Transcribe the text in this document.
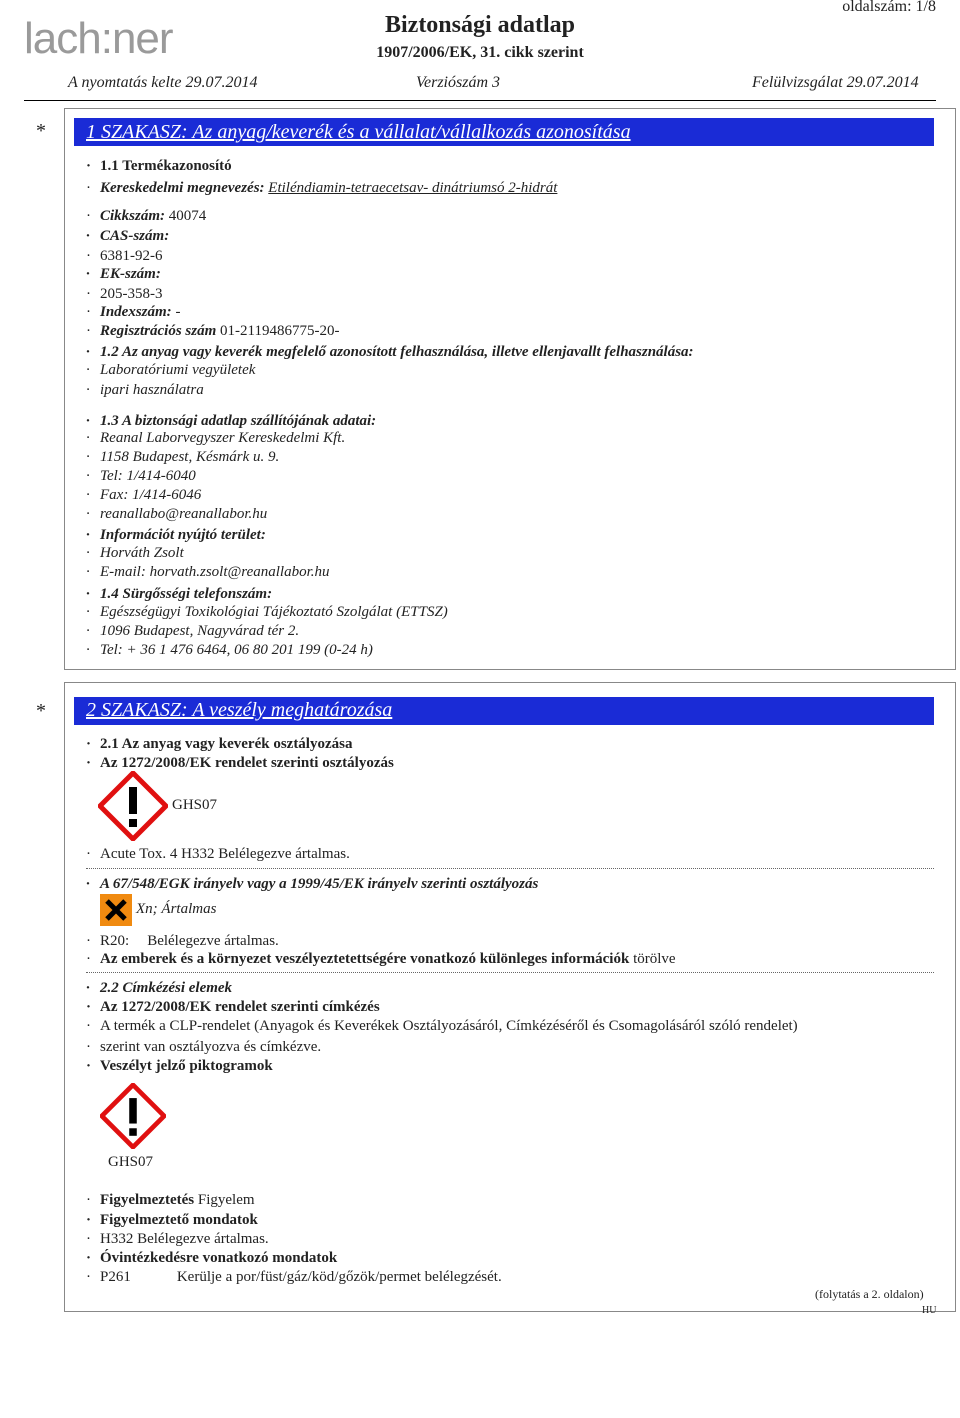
lach:ner	Biztonsági adatlap
1907/2006/EK, 31. cikk szerint
oldalszám: 1/8
A nyomtatás kelte 29.07.2014	Verziószám 3	Felülvizsgálat 29.07.2014
* 1 SZAKASZ: Az anyag/keverék és a vállalat/vállalkozás azonosítása
1.1 Termékazonosító
·
Kereskedelmi megnevezés: Etiléndiamin-tetraecetsav- dinátriumsó 2-hidrát
·
Cikkszám: 40074
·
CAS-szám:
·
6381-92-6
·
EK-szám:
·
205-358-3
·
Indexszám: -
·
Regisztrációs szám 01-2119486775-20-
·
1.2 Az anyag vagy keverék megfelelő azonosított felhasználása, illetve ellenjavallt felhasználása:
·
Laboratóriumi vegyületek
·
ipari használatra
·
1.3 A biztonsági adatlap szállítójának adatai:
·
Reanal Laborvegyszer Kereskedelmi Kft.
·
1158 Budapest, Késmárk u. 9.
·
Tel: 1/414-6040
·
Fax: 1/414-6046
·
reanallabo@reanallabor.hu
·
Információt nyújtó terület:
·
Horváth Zsolt
·
E-mail: horvath.zsolt@reanallabor.hu
·
1.4 Sürgősségi telefonszám:
·
Egészségügyi Toxikológiai Tájékoztató Szolgálat (ETTSZ)
·
1096 Budapest, Nagyvárad tér 2.
·
Tel: + 36 1 476 6464, 06 80 201 199 (0-24 h)
·
* 2 SZAKASZ: A veszély meghatározása
2.1 Az anyag vagy keverék osztályozása
·
Az 1272/2008/EK rendelet szerinti osztályozás
·
GHS07
Acute Tox. 4 H332 Belélegezve ártalmas.
·
A 67/548/EGK irányelv vagy a 1999/45/EK irányelv szerinti osztályozás
·
Xn; Ártalmas
R20: Belélegezve ártalmas.
·
Az emberek és a környezet veszélyeztetettségére vonatkozó különleges információk törölve
·
2.2 Címkézési elemek
·
Az 1272/2008/EK rendelet szerinti címkézés
·
A termék a CLP-rendelet (Anyagok és Keverékek Osztályozásáról, Címkézéséről és Csomagolásáról szóló rendelet)
·
szerint van osztályozva és címkézve.
·
Veszélyt jelző piktogramok
·
GHS07
Figyelmeztetés Figyelem
·
Figyelmeztető mondatok
·
H332 Belélegezve ártalmas.
·
Óvintézkedésre vonatkozó mondatok
·
P261	Kerülje a por/füst/gáz/köd/gőzök/permet belélegzését.
·
(folytatás a 2. oldalon)
HU
